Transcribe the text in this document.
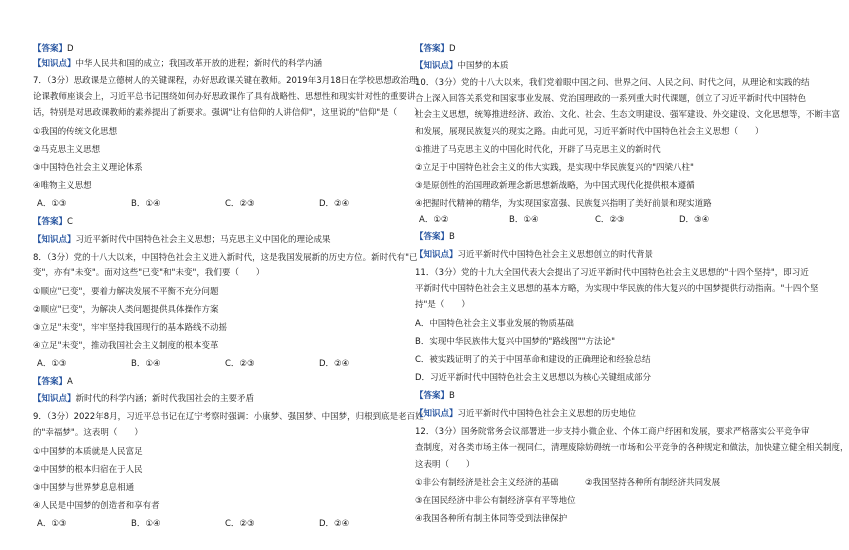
【答案】D
【知识点】中华人民共和国的成立；我国改革开放的进程；新时代的科学内涵
7．（3分）思政课是立德树人的关键课程，办好思政课关键在教师。2019年3月18日在学校思想政治理
论课教师座谈会上，习近平总书记围绕如何办好思政课作了具有战略性、思想性和现实针对性的重要讲
话，特别是对思政课教师的素养提出了新要求。强调"让有信仰的人讲信仰"，这里说的"信仰"是（　　）
①我国的传统文化思想
②马克思主义思想
③中国特色社会主义理论体系
④唯物主义思想
A．①③	B．①④	C．②③	D．②④
【答案】C
【知识点】习近平新时代中国特色社会主义思想；马克思主义中国化的理论成果
8．（3分）党的十八大以来，中国特色社会主义进入新时代，这是我国发展新的历史方位。新时代有"已
变"，亦有"未变"。面对这些"已变"和"未变"，我们要（　　）
①顺应"已变"，要着力解决发展不平衡不充分问题
②顺应"已变"，为解决人类问题提供具体操作方案
③立足"未变"，牢牢坚持我国现行的基本路线不动摇
④立足"未变"，推动我国社会主义制度的根本变革
A．①③	B．①④	C．②③	D．②④
【答案】A
【知识点】新时代的科学内涵；新时代我国社会的主要矛盾
9．（3分）2022年8月，习近平总书记在辽宁考察时强调：小康梦、强国梦、中国梦，归根到底是老百姓
的"幸福梦"。这表明（　　）
①中国梦的本质就是人民富足
②中国梦的根本归宿在于人民
③中国梦与世界梦息息相通
④人民是中国梦的创造者和享有者
A．①③	B．①④	C．②③	D．②④
【答案】D
【知识点】中国梦的本质
10．（3分）党的十八大以来，我们党着眼中国之问、世界之问、人民之问、时代之问，从理论和实践的结
合上深入回答关系党和国家事业发展、党治国理政的一系列重大时代课题，创立了习近平新时代中国特色
社会主义思想，统筹推进经济、政治、文化、社会、生态文明建设、强军建设、外交建设、文化思想等，不断丰富
和发展，展现民族复兴的现实之路。由此可见，习近平新时代中国特色社会主义思想（　　）
①推进了马克思主义的中国化时代化，开辟了马克思主义的新时代
②立足于中国特色社会主义的伟大实践，是实现中华民族复兴的"四梁八柱"
③是原创性的治国理政新理念新思想新战略，为中国式现代化提供根本遵循
④把握时代精神的精华，为实现国家富强、民族复兴指明了美好前景和现实道路
A．①②	B．①④	C．②③	D．③④
【答案】B
【知识点】习近平新时代中国特色社会主义思想创立的时代背景
11．（3分）党的十九大全国代表大会提出了习近平新时代中国特色社会主义思想的"十四个坚持"，即习近
平新时代中国特色社会主义思想的基本方略，为实现中华民族的伟大复兴的中国梦提供行动指南。"十四个坚
持"是（　　）
A．中国特色社会主义事业发展的物质基础
B．实现中华民族伟大复兴中国梦的"路线图""方法论"
C．被实践证明了的关于中国革命和建设的正确理论和经验总结
D．习近平新时代中国特色社会主义思想以为核心关键组成部分
【答案】B
【知识点】习近平新时代中国特色社会主义思想的历史地位
12．（3分）国务院常务会议部署进一步支持小微企业、个体工商户纾困和发展，要求严格落实公平竞争审
查制度，对各类市场主体一视同仁，清理废除妨碍统一市场和公平竞争的各种规定和做法，加快建立健全相关制度，
这表明（　　）
①非公有制经济是社会主义经济的基础	②我国坚持各种所有制经济共同发展
③在国民经济中非公有制经济享有平等地位
④我国各种所有制主体同等受到法律保护
